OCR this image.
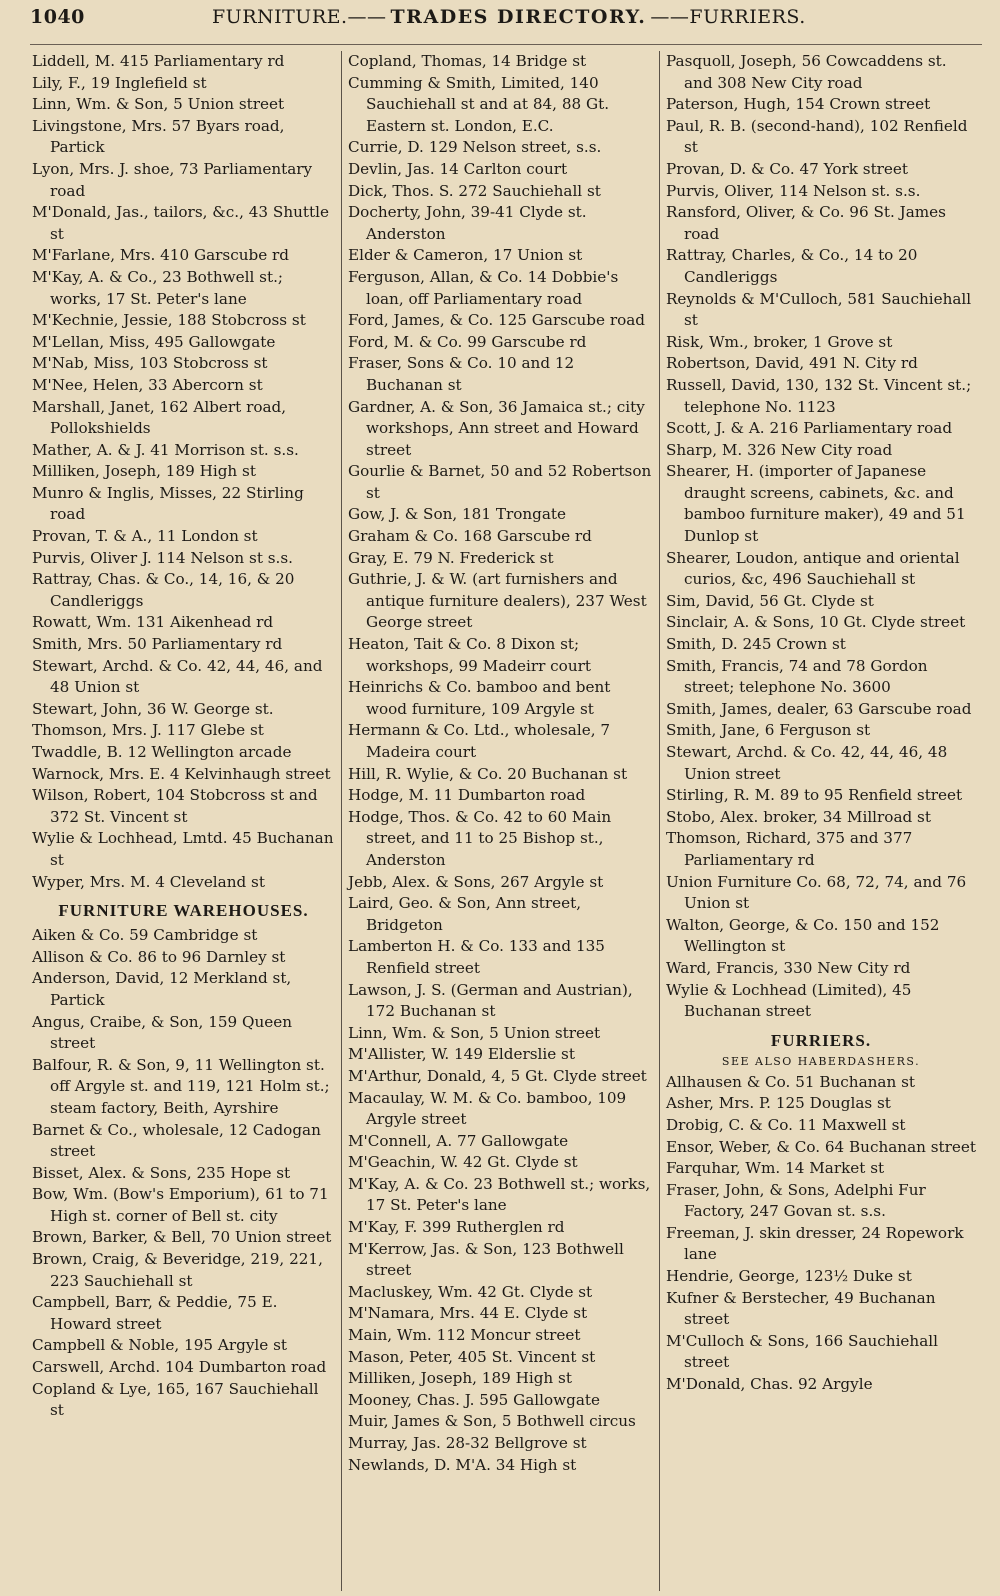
1040	FURNITURE. —— TRADES DIRECTORY. —— FURRIERS.

Liddell, M. 415 Parliamentary rd

Lily, F., 19 Inglefield st

Linn, Wm. & Son, 5 Union street

Livingstone, Mrs. 57 Byars road, Partick

Lyon, Mrs. J. shoe, 73 Parliamentary road

M'Donald, Jas., tailors, &c., 43 Shuttle st

M'Farlane, Mrs. 410 Garscube rd

M'Kay, A. & Co., 23 Bothwell st.; works, 17 St. Peter's lane

M'Kechnie, Jessie, 188 Stobcross st

M'Lellan, Miss, 495 Gallowgate

M'Nab, Miss, 103 Stobcross st

M'Nee, Helen, 33 Abercorn st

Marshall, Janet, 162 Albert road, Pollokshields

Mather, A. & J. 41 Morrison st. s.s.

Milliken, Joseph, 189 High st

Munro & Inglis, Misses, 22 Stirling road

Provan, T. & A., 11 London st

Purvis, Oliver J. 114 Nelson st s.s.

Rattray, Chas. & Co., 14, 16, & 20 Candleriggs

Rowatt, Wm. 131 Aikenhead rd

Smith, Mrs. 50 Parliamentary rd

Stewart, Archd. & Co. 42, 44, 46, and 48 Union st

Stewart, John, 36 W. George st.

Thomson, Mrs. J. 117 Glebe st

Twaddle, B. 12 Wellington arcade

Warnock, Mrs. E. 4 Kelvinhaugh street

Wilson, Robert, 104 Stobcross st and 372 St. Vincent st

Wylie & Lochhead, Lmtd. 45 Buchanan st

Wyper, Mrs. M. 4 Cleveland st

FURNITURE WAREHOUSES.

Aiken & Co. 59 Cambridge st

Allison & Co. 86 to 96 Darnley st

Anderson, David, 12 Merkland st, Partick

Angus, Craibe, & Son, 159 Queen street

Balfour, R. & Son, 9, 11 Wellington st. off Argyle st. and 119, 121 Holm st.; steam factory, Beith, Ayrshire

Barnet & Co., wholesale, 12 Cadogan street

Bisset, Alex. & Sons, 235 Hope st

Bow, Wm. (Bow's Emporium), 61 to 71 High st. corner of Bell st. city

Brown, Barker, & Bell, 70 Union street

Brown, Craig, & Beveridge, 219, 221, 223 Sauchiehall st

Campbell, Barr, & Peddie, 75 E. Howard street

Campbell & Noble, 195 Argyle st

Carswell, Archd. 104 Dumbarton road

Copland & Lye, 165, 167 Sauchiehall st

Copland, Thomas, 14 Bridge st

Cumming & Smith, Limited, 140 Sauchiehall st and at 84, 88 Gt. Eastern st. London, E.C.

Currie, D. 129 Nelson street, s.s.

Devlin, Jas. 14 Carlton court

Dick, Thos. S. 272 Sauchiehall st

Docherty, John, 39-41 Clyde st. Anderston

Elder & Cameron, 17 Union st

Ferguson, Allan, & Co. 14 Dobbie's loan, off Parliamentary road

Ford, James, & Co. 125 Garscube road

Ford, M. & Co. 99 Garscube rd

Fraser, Sons & Co. 10 and 12 Buchanan st

Gardner, A. & Son, 36 Jamaica st.; city workshops, Ann street and Howard street

Gourlie & Barnet, 50 and 52 Robertson st

Gow, J. & Son, 181 Trongate

Graham & Co. 168 Garscube rd

Gray, E. 79 N. Frederick st

Guthrie, J. & W. (art furnishers and antique furniture dealers), 237 West George street

Heaton, Tait & Co. 8 Dixon st; workshops, 99 Madeirr court

Heinrichs & Co. bamboo and bent wood furniture, 109 Argyle st

Hermann & Co. Ltd., wholesale, 7 Madeira court

Hill, R. Wylie, & Co. 20 Buchanan st

Hodge, M. 11 Dumbarton road

Hodge, Thos. & Co. 42 to 60 Main street, and 11 to 25 Bishop st., Anderston

Jebb, Alex. & Sons, 267 Argyle st

Laird, Geo. & Son, Ann street, Bridgeton

Lamberton H. & Co. 133 and 135 Renfield street

Lawson, J. S. (German and Austrian), 172 Buchanan st

Linn, Wm. & Son, 5 Union street

M'Allister, W. 149 Elderslie st

M'Arthur, Donald, 4, 5 Gt. Clyde street

Macaulay, W. M. & Co. bamboo, 109 Argyle street

M'Connell, A. 77 Gallowgate

M'Geachin, W. 42 Gt. Clyde st

M'Kay, A. & Co. 23 Bothwell st.; works, 17 St. Peter's lane

M'Kay, F. 399 Rutherglen rd

M'Kerrow, Jas. & Son, 123 Bothwell street

Macluskey, Wm. 42 Gt. Clyde st

M'Namara, Mrs. 44 E. Clyde st

Main, Wm. 112 Moncur street

Mason, Peter, 405 St. Vincent st

Milliken, Joseph, 189 High st

Mooney, Chas. J. 595 Gallowgate

Muir, James & Son, 5 Bothwell circus

Murray, Jas. 28-32 Bellgrove st

Newlands, D. M'A. 34 High st

Pasquoll, Joseph, 56 Cowcaddens st. and 308 New City road

Paterson, Hugh, 154 Crown street

Paul, R. B. (second-hand), 102 Renfield st

Provan, D. & Co. 47 York street

Purvis, Oliver, 114 Nelson st. s.s.

Ransford, Oliver, & Co. 96 St. James road

Rattray, Charles, & Co., 14 to 20 Candleriggs

Reynolds & M'Culloch, 581 Sauchiehall st

Risk, Wm., broker, 1 Grove st

Robertson, David, 491 N. City rd

Russell, David, 130, 132 St. Vincent st.; telephone No. 1123

Scott, J. & A. 216 Parliamentary road

Sharp, M. 326 New City road

Shearer, H. (importer of Japanese draught screens, cabinets, &c. and bamboo furniture maker), 49 and 51 Dunlop st

Shearer, Loudon, antique and oriental curios, &c, 496 Sauchiehall st

Sim, David, 56 Gt. Clyde st

Sinclair, A. & Sons, 10 Gt. Clyde street

Smith, D. 245 Crown st

Smith, Francis, 74 and 78 Gordon street; telephone No. 3600

Smith, James, dealer, 63 Garscube road

Smith, Jane, 6 Ferguson st

Stewart, Archd. & Co. 42, 44, 46, 48 Union street

Stirling, R. M. 89 to 95 Renfield street

Stobo, Alex. broker, 34 Millroad st

Thomson, Richard, 375 and 377 Parliamentary rd

Union Furniture Co. 68, 72, 74, and 76 Union st

Walton, George, & Co. 150 and 152 Wellington st

Ward, Francis, 330 New City rd

Wylie & Lochhead (Limited), 45 Buchanan street

FURRIERS.
SEE ALSO HABERDASHERS.

Allhausen & Co. 51 Buchanan st

Asher, Mrs. P. 125 Douglas st

Drobig, C. & Co. 11 Maxwell st

Ensor, Weber, & Co. 64 Buchanan street

Farquhar, Wm. 14 Market st

Fraser, John, & Sons, Adelphi Fur Factory, 247 Govan st. s.s.

Freeman, J. skin dresser, 24 Ropework lane

Hendrie, George, 123½ Duke st

Kufner & Berstecher, 49 Buchanan street

M'Culloch & Sons, 166 Sauchiehall street

M'Donald, Chas. 92 Argyle
